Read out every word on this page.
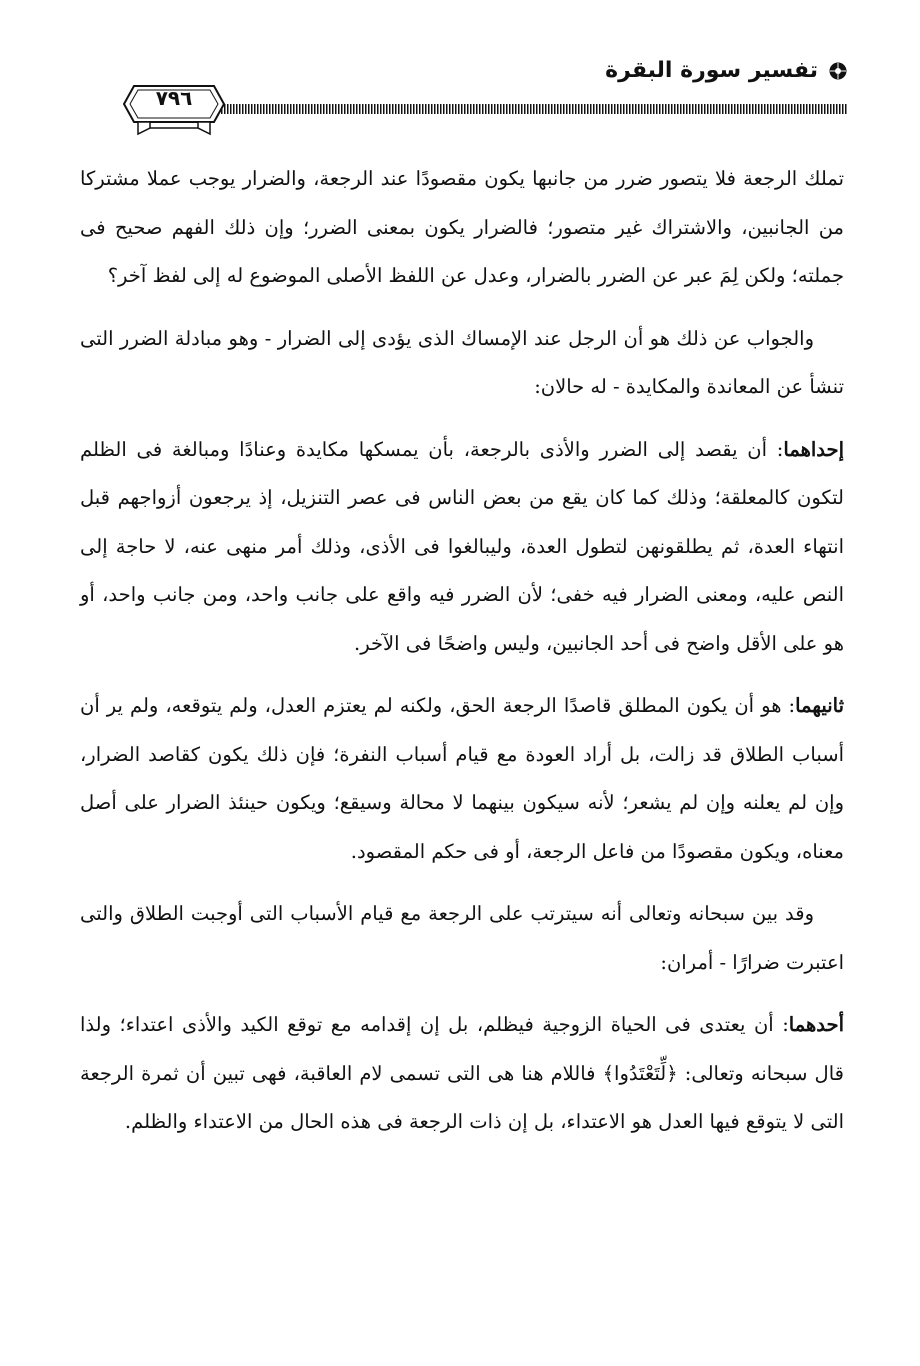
تفسير سورة البقرة
٧٩٦

تملك الرجعة فلا يتصور ضرر من جانبها يكون مقصودًا عند الرجعة، والضرار يوجب عملا مشتركا من الجانبين، والاشتراك غير متصور؛ فالضرار يكون بمعنى الضرر؛ وإن ذلك الفهم صحيح فى جملته؛ ولكن لِمَ عبر عن الضرر بالضرار، وعدل عن اللفظ الأصلى الموضوع له إلى لفظ آخر؟

والجواب عن ذلك هو أن الرجل عند الإمساك الذى يؤدى إلى الضرار - وهو مبادلة الضرر التى تنشأ عن المعاندة والمكايدة - له حالان:

إحداهما: أن يقصد إلى الضرر والأذى بالرجعة، بأن يمسكها مكايدة وعنادًا ومبالغة فى الظلم لتكون كالمعلقة؛ وذلك كما كان يقع من بعض الناس فى عصر التنزيل، إذ يرجعون أزواجهم قبل انتهاء العدة، ثم يطلقونهن لتطول العدة، وليبالغوا فى الأذى، وذلك أمر منهى عنه، لا حاجة إلى النص عليه، ومعنى الضرار فيه خفى؛ لأن الضرر فيه واقع على جانب واحد، ومن جانب واحد، أو هو على الأقل واضح فى أحد الجانبين، وليس واضحًا فى الآخر.

ثانيهما: هو أن يكون المطلق قاصدًا الرجعة الحق، ولكنه لم يعتزم العدل، ولم يتوقعه، ولم ير أن أسباب الطلاق قد زالت، بل أراد العودة مع قيام أسباب النفرة؛ فإن ذلك يكون كقاصد الضرار، وإن لم يعلنه وإن لم يشعر؛ لأنه سيكون بينهما لا محالة وسيقع؛ ويكون حينئذ الضرار على أصل معناه، ويكون مقصودًا من فاعل الرجعة، أو فى حكم المقصود.

وقد بين سبحانه وتعالى أنه سيترتب على الرجعة مع قيام الأسباب التى أوجبت الطلاق والتى اعتبرت ضرارًا - أمران:

أحدهما: أن يعتدى فى الحياة الزوجية فيظلم، بل إن إقدامه مع توقع الكيد والأذى اعتداء؛ ولذا قال سبحانه وتعالى: ﴿لِّتَعْتَدُوا﴾ فاللام هنا هى التى تسمى لام العاقبة، فهى تبين أن ثمرة الرجعة التى لا يتوقع فيها العدل هو الاعتداء، بل إن ذات الرجعة فى هذه الحال من الاعتداء والظلم.
